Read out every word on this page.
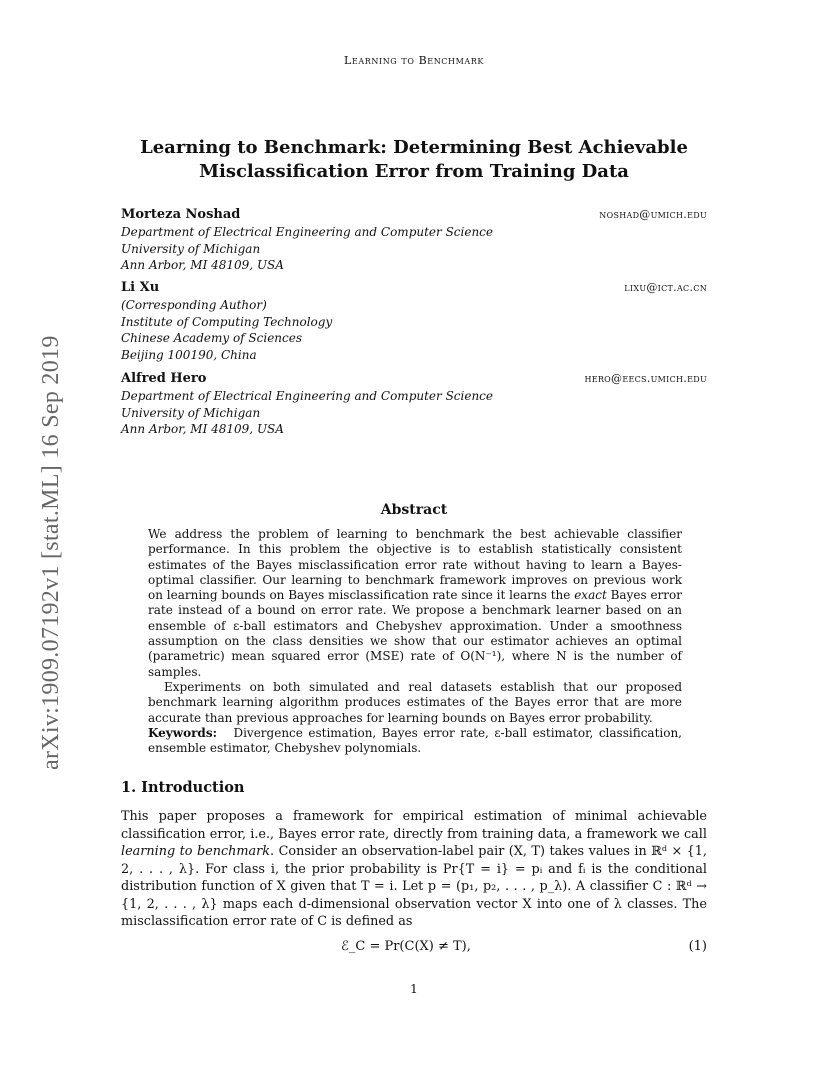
Learning to Benchmark
Learning to Benchmark: Determining Best Achievable
Misclassification Error from Training Data
Morteza Noshad	noshad@umich.edu
Department of Electrical Engineering and Computer Science
University of Michigan
Ann Arbor, MI 48109, USA
Li Xu	lixu@ict.ac.cn
(Corresponding Author)
Institute of Computing Technology
Chinese Academy of Sciences
Beijing 100190, China
Alfred Hero	hero@eecs.umich.edu
Department of Electrical Engineering and Computer Science
University of Michigan
Ann Arbor, MI 48109, USA
arXiv:1909.07192v1 [stat.ML] 16 Sep 2019	Abstract

We address the problem of learning to benchmark the best achievable classifier performance. In this problem the objective is to establish statistically consistent estimates of the Bayes misclassification error rate without having to learn a Bayes-optimal classifier. Our learning to benchmark framework improves on previous work on learning bounds on Bayes misclassification rate since it learns the exact Bayes error rate instead of a bound on error rate. We propose a benchmark learner based on an ensemble of ε-ball estimators and Chebyshev approximation. Under a smoothness assumption on the class densities we show that our estimator achieves an optimal (parametric) mean squared error (MSE) rate of O(N⁻¹), where N is the number of samples.

Experiments on both simulated and real datasets establish that our proposed benchmark learning algorithm produces estimates of the Bayes error that are more accurate than previous approaches for learning bounds on Bayes error probability.

Keywords: Divergence estimation, Bayes error rate, ε-ball estimator, classification, ensemble estimator, Chebyshev polynomials.

1. Introduction

This paper proposes a framework for empirical estimation of minimal achievable classification error, i.e., Bayes error rate, directly from training data, a framework we call learning to benchmark. Consider an observation-label pair (X, T) takes values in ℝᵈ × {1, 2, . . . , λ}. For class i, the prior probability is Pr{T = i} = pᵢ and fᵢ is the conditional distribution function of X given that T = i. Let p = (p₁, p₂, . . . , p_λ). A classifier C : ℝᵈ → {1, 2, . . . , λ} maps each d-dimensional observation vector X into one of λ classes. The misclassification error rate of C is defined as

ℰ_C = Pr(C(X) ≠ T),	(1)
1
